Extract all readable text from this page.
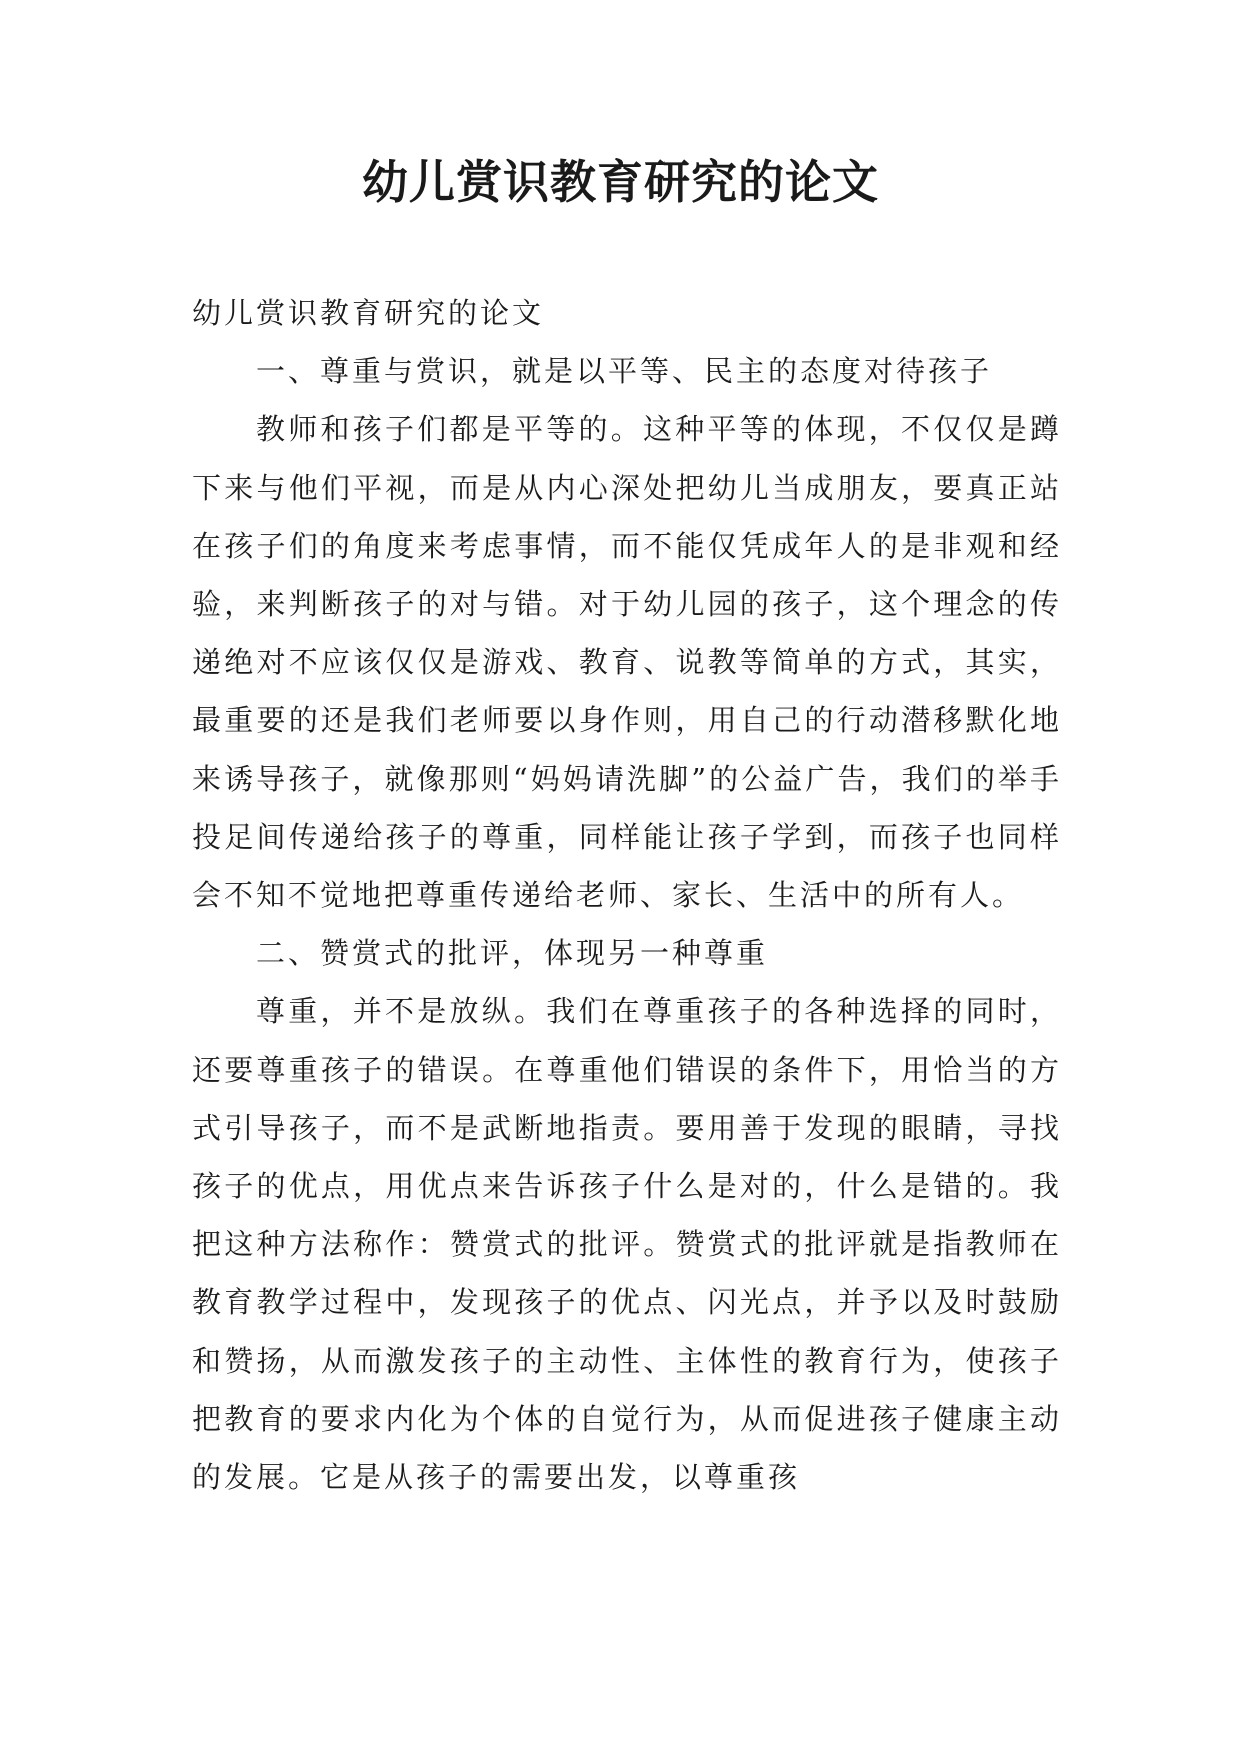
幼儿赏识教育研究的论文

幼儿赏识教育研究的论文

一、尊重与赏识，就是以平等、民主的态度对待孩子

教师和孩子们都是平等的。这种平等的体现，不仅仅是蹲下来与他们平视，而是从内心深处把幼儿当成朋友，要真正站在孩子们的角度来考虑事情，而不能仅凭成年人的是非观和经验，来判断孩子的对与错。对于幼儿园的孩子，这个理念的传递绝对不应该仅仅是游戏、教育、说教等简单的方式，其实，最重要的还是我们老师要以身作则，用自己的行动潜移默化地来诱导孩子，就像那则“妈妈请洗脚”的公益广告，我们的举手投足间传递给孩子的尊重，同样能让孩子学到，而孩子也同样会不知不觉地把尊重传递给老师、家长、生活中的所有人。

二、赞赏式的批评，体现另一种尊重

尊重，并不是放纵。我们在尊重孩子的各种选择的同时，还要尊重孩子的错误。在尊重他们错误的条件下，用恰当的方式引导孩子，而不是武断地指责。要用善于发现的眼睛，寻找孩子的优点，用优点来告诉孩子什么是对的，什么是错的。我把这种方法称作：赞赏式的批评。赞赏式的批评就是指教师在教育教学过程中，发现孩子的优点、闪光点，并予以及时鼓励和赞扬，从而激发孩子的主动性、主体性的教育行为，使孩子把教育的要求内化为个体的自觉行为，从而促进孩子健康主动的发展。它是从孩子的需要出发，以尊重孩
